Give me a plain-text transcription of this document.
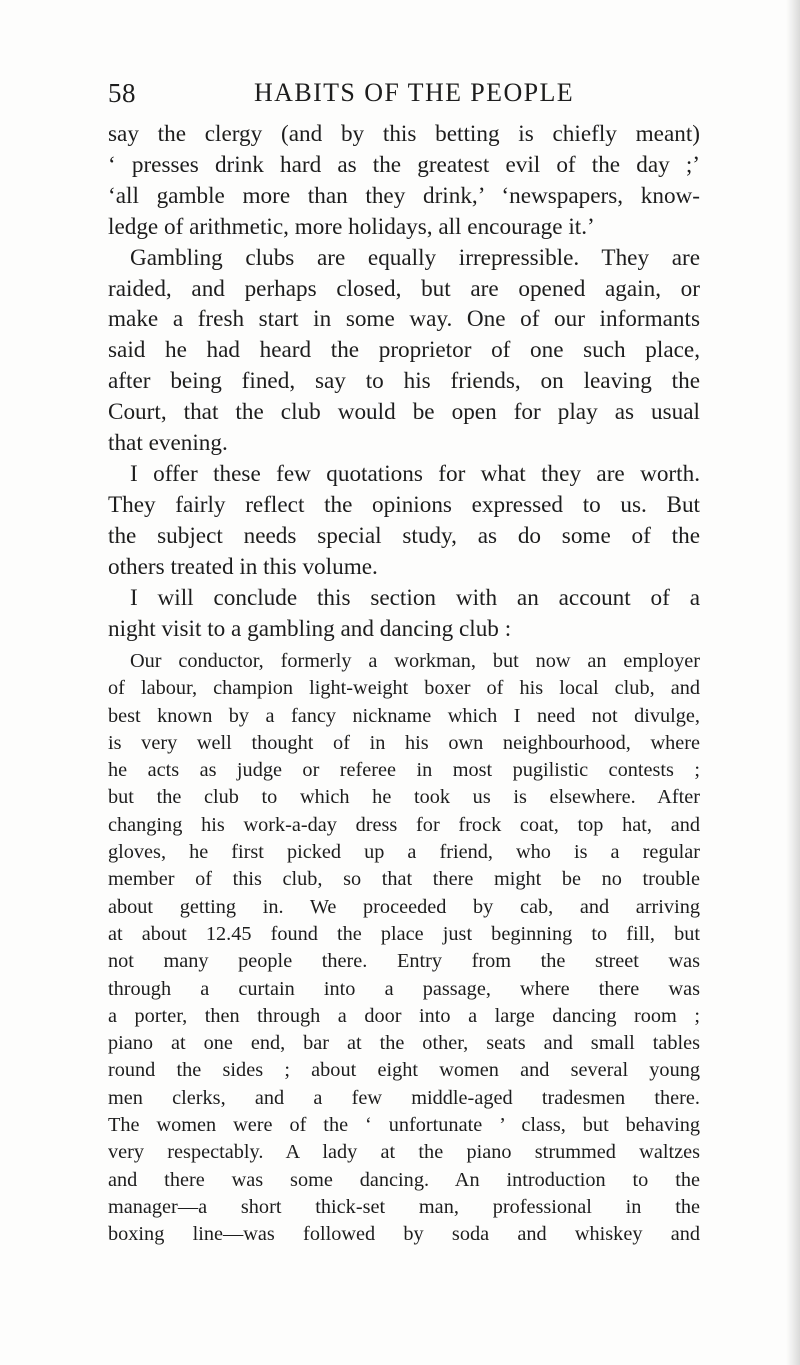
58	HABITS OF THE PEOPLE

say the clergy (and by this betting is chiefly meant)
‘ presses drink hard as the greatest evil of the day ;’
‘all gamble more than they drink,’ ‘newspapers, know-
ledge of arithmetic, more holidays, all encourage it.’

Gambling clubs are equally irrepressible. They are
raided, and perhaps closed, but are opened again, or
make a fresh start in some way. One of our informants
said he had heard the proprietor of one such place,
after being fined, say to his friends, on leaving the
Court, that the club would be open for play as usual
that evening.

I offer these few quotations for what they are worth.
They fairly reflect the opinions expressed to us. But
the subject needs special study, as do some of the
others treated in this volume.

I will conclude this section with an account of a
night visit to a gambling and dancing club :

Our conductor, formerly a workman, but now an employer
of labour, champion light-weight boxer of his local club, and
best known by a fancy nickname which I need not divulge,
is very well thought of in his own neighbourhood, where
he acts as judge or referee in most pugilistic contests ;
but the club to which he took us is elsewhere. After
changing his work-a-day dress for frock coat, top hat, and
gloves, he first picked up a friend, who is a regular
member of this club, so that there might be no trouble
about getting in. We proceeded by cab, and arriving
at about 12.45 found the place just beginning to fill, but
not many people there. Entry from the street was
through a curtain into a passage, where there was
a porter, then through a door into a large dancing room ;
piano at one end, bar at the other, seats and small tables
round the sides ; about eight women and several young
men clerks, and a few middle-aged tradesmen there.
The women were of the ‘ unfortunate ’ class, but behaving
very respectably. A lady at the piano strummed waltzes
and there was some dancing. An introduction to the
manager—a short thick-set man, professional in the
boxing line—was followed by soda and whiskey and
